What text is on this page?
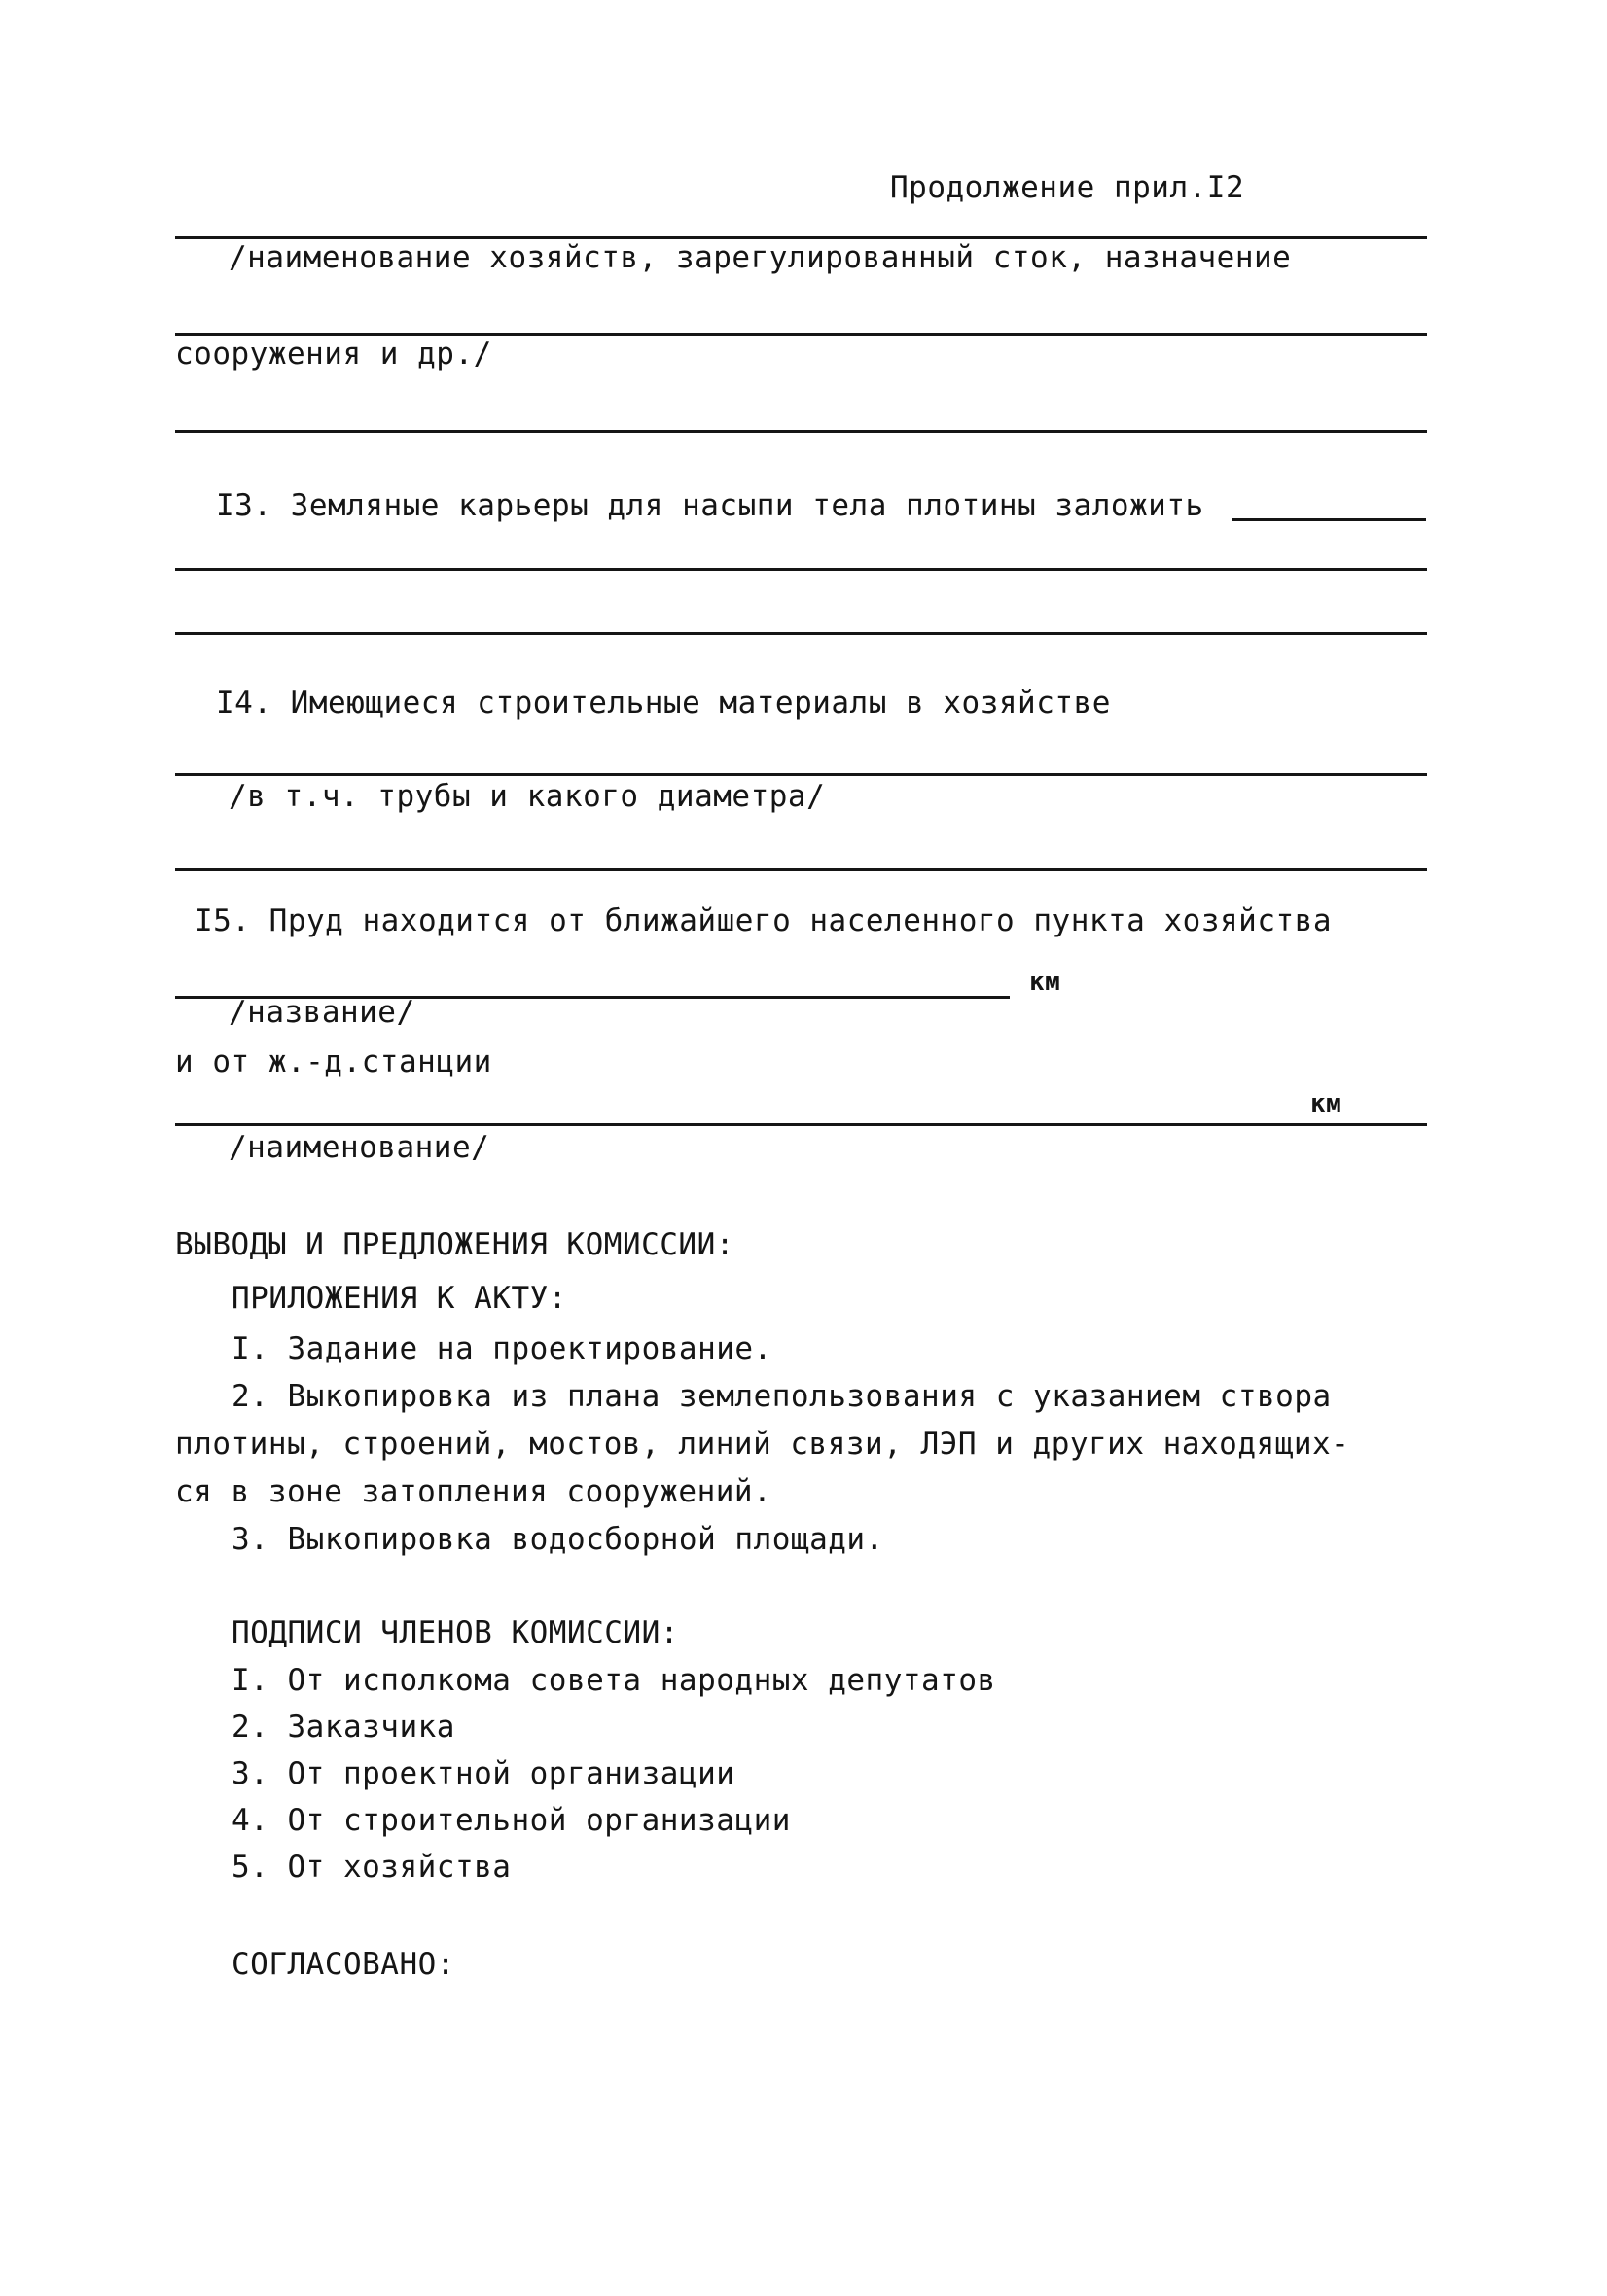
Продолжение прил.I2
/наименование хозяйств, зарегулированный сток, назначение
сооружения и др./
I3. Земляные карьеры для насыпи тела плотины заложить
I4. Имеющиеся строительные материалы в хозяйстве
/в т.ч. трубы и какого диаметра/
I5. Пруд находится от ближайшего населенного пункта хозяйства
км
/название/
и от ж.-д.станции
км
/наименование/
ВЫВОДЫ И ПРЕДЛОЖЕНИЯ КОМИССИИ:
ПРИЛОЖЕНИЯ К АКТУ:
I. Задание на проектирование.
2. Выкопировка из плана землепользования с указанием створа
плотины, строений, мостов, линий связи, ЛЭП и других находящих-
ся в зоне затопления сооружений.
3. Выкопировка водосборной площади.
ПОДПИСИ ЧЛЕНОВ КОМИССИИ:
I. От исполкома совета народных депутатов
2. Заказчика
3. От проектной организации
4. От строительной организации
5. От хозяйства
СОГЛАСОВАНО:
